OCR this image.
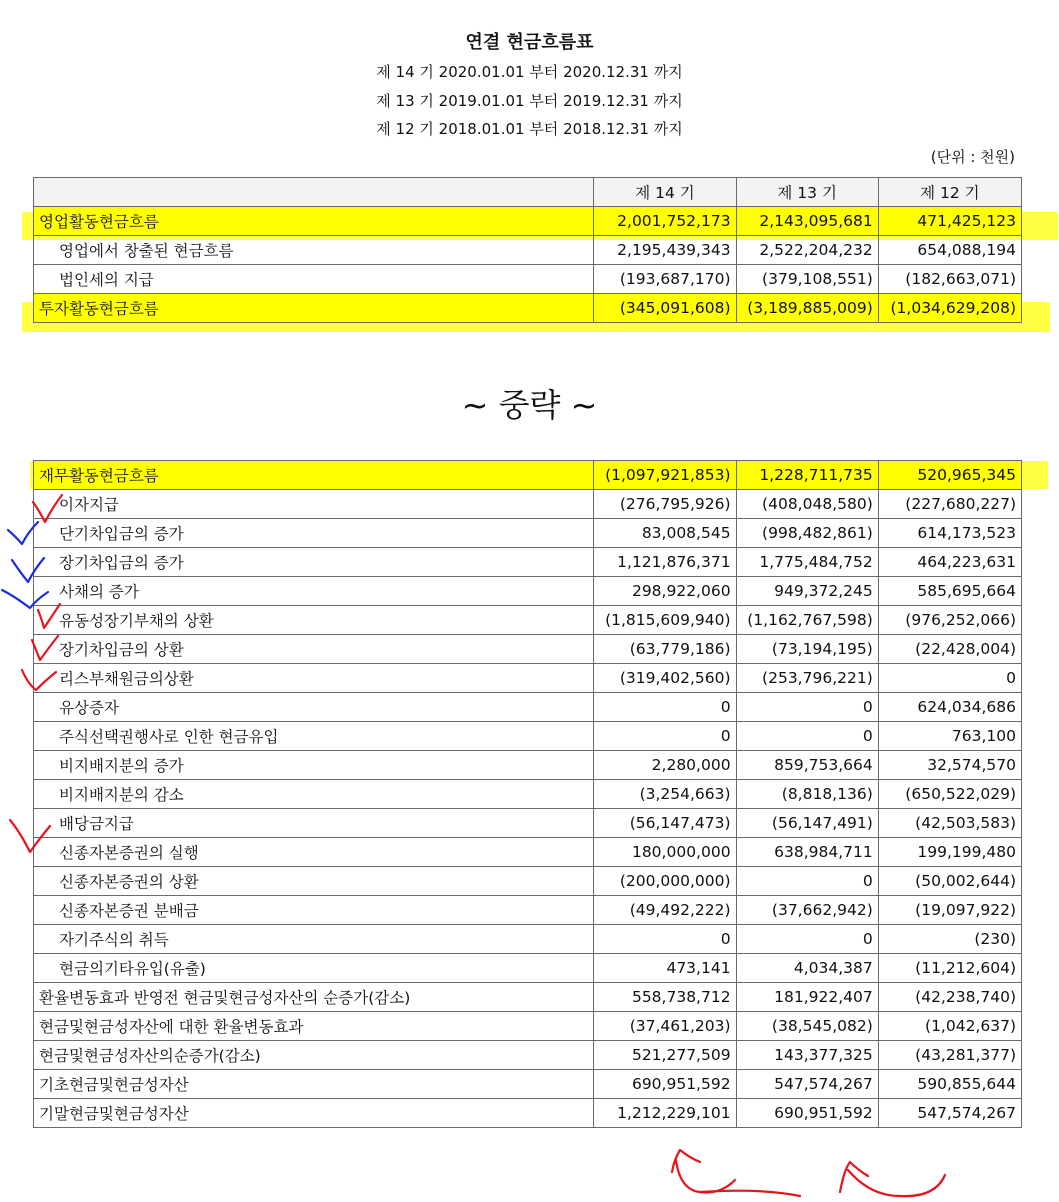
연결 현금흐름표
제 14 기 2020.01.01 부터 2020.12.31 까지
제 13 기 2019.01.01 부터 2019.12.31 까지
제 12 기 2018.01.01 부터 2018.12.31 까지
(단위 : 천원)
	제 14 기	제 13 기	제 12 기
영업활동현금흐름	2,001,752,173	2,143,095,681	471,425,123
영업에서 창출된 현금흐름	2,195,439,343	2,522,204,232	654,088,194
법인세의 지급	(193,687,170)	(379,108,551)	(182,663,071)
투자활동현금흐름	(345,091,608)	(3,189,885,009)	(1,034,629,208)
~ 중략 ~
재무활동현금흐름	(1,097,921,853)	1,228,711,735	520,965,345
이자지급	(276,795,926)	(408,048,580)	(227,680,227)
단기차입금의 증가	83,008,545	(998,482,861)	614,173,523
장기차입금의 증가	1,121,876,371	1,775,484,752	464,223,631
사채의 증가	298,922,060	949,372,245	585,695,664
유동성장기부채의 상환	(1,815,609,940)	(1,162,767,598)	(976,252,066)
장기차입금의 상환	(63,779,186)	(73,194,195)	(22,428,004)
리스부채원금의상환	(319,402,560)	(253,796,221)	0
유상증자	0	0	624,034,686
주식선택권행사로 인한 현금유입	0	0	763,100
비지배지분의 증가	2,280,000	859,753,664	32,574,570
비지배지분의 감소	(3,254,663)	(8,818,136)	(650,522,029)
배당금지급	(56,147,473)	(56,147,491)	(42,503,583)
신종자본증권의 실행	180,000,000	638,984,711	199,199,480
신종자본증권의 상환	(200,000,000)	0	(50,002,644)
신종자본증권 분배금	(49,492,222)	(37,662,942)	(19,097,922)
자기주식의 취득	0	0	(230)
현금의기타유입(유출)	473,141	4,034,387	(11,212,604)
환율변동효과 반영전 현금및현금성자산의 순증가(감소)	558,738,712	181,922,407	(42,238,740)
현금및현금성자산에 대한 환율변동효과	(37,461,203)	(38,545,082)	(1,042,637)
현금및현금성자산의순증가(감소)	521,277,509	143,377,325	(43,281,377)
기초현금및현금성자산	690,951,592	547,574,267	590,855,644
기말현금및현금성자산	1,212,229,101	690,951,592	547,574,267
